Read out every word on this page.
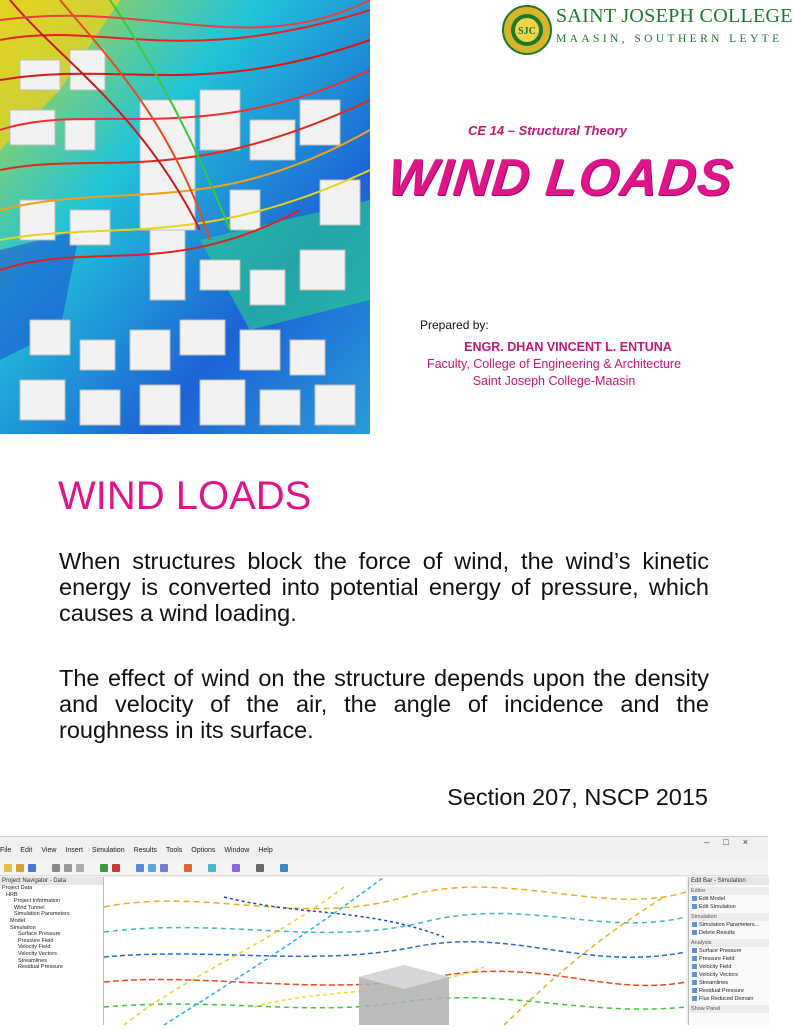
SJC
SAINT JOSEPH COLLEGE
MAASIN, SOUTHERN LEYTE
CE 14 – Structural Theory
WIND LOADS
Prepared by:
ENGR. DHAN VINCENT L. ENTUNA
Faculty, College of Engineering & Architecture
Saint Joseph College-Maasin
WIND LOADS
When structures block the force of wind, the wind’s kinetic energy is converted into potential energy of pressure, which causes a wind loading.
The effect of wind on the structure depends upon the density and velocity of the air, the angle of incidence and the roughness in its surface.
Section 207, NSCP 2015
–□×
File Edit View Insert Simulation Results Tools Options Window Help
Project Navigator - Data
Project Data
HRB
Project Information
Wind Tunnel
Simulation Parameters
Model
Simulation
Surface Pressure
Pressure Field
Velocity Field
Velocity Vectors
Streamlines
Residual Pressure
Edit Bar - Simulation
Editor
Edit Model
Edit Simulation
Simulation
Simulation Parameters...
Delete Results
Analysis
Surface Pressure
Pressure Field
Velocity Field
Velocity Vectors
Streamlines
Residual Pressure
Flux Reduced Domain
Show Panel
